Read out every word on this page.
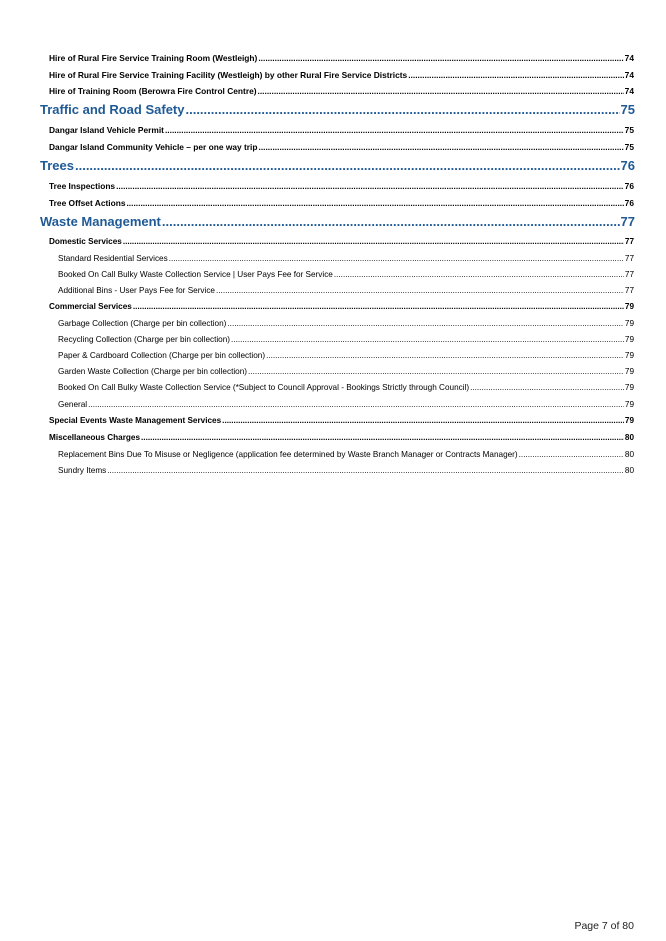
Hire of Rural Fire Service Training Room (Westleigh) .....	74
Hire of Rural Fire Service Training Facility (Westleigh) by other Rural Fire Service Districts .....	74
Hire of Training Room (Berowra Fire Control Centre) .....	74
Traffic and Road Safety .....	75
Dangar Island Vehicle Permit .....	75
Dangar Island Community Vehicle – per one way trip .....	75
Trees .....	76
Tree Inspections .....	76
Tree Offset Actions .....	76
Waste Management .....	77
Domestic Services .....	77
Standard Residential Services .....	77
Booked On Call Bulky Waste Collection Service | User Pays Fee for Service .....	77
Additional Bins - User Pays Fee for Service .....	77
Commercial Services .....	79
Garbage Collection (Charge per bin collection) .....	79
Recycling Collection (Charge per bin collection) .....	79
Paper & Cardboard Collection (Charge per bin collection) .....	79
Garden Waste Collection (Charge per bin collection) .....	79
Booked On Call Bulky Waste Collection Service (*Subject to Council Approval - Bookings Strictly through Council) .....	79
General .....	79
Special Events Waste Management Services .....	79
Miscellaneous Charges .....	80
Replacement Bins Due To Misuse or Negligence (application fee determined by Waste Branch Manager or Contracts Manager) .....	80
Sundry Items .....	80
Page 7 of 80
